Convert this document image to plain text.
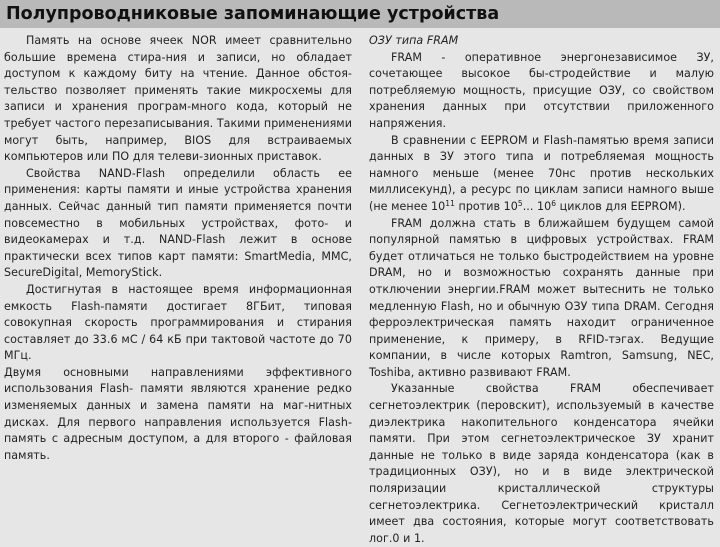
Полупроводниковые запоминающие устройства

Память на основе ячеек NOR имеет сравнительно большие времена стира-ния и записи, но обладает доступом к каждому биту на чтение. Данное обстоя-тельство позволяет применять такие микросхемы для записи и хранения програм-много кода, который не требует частого перезаписывания. Такими применениями могут быть, например, BIOS для встраиваемых компьютеров или ПО для телеви-зионных приставок.

Свойства NAND-Flash определили область ее применения: карты памяти и иные устройства хранения данных. Сейчас данный тип памяти применяется почти повсеместно в мобильных устройствах, фото- и видеокамерах и т.д. NAND-Flash лежит в основе практически всех типов карт памяти: SmartMedia, MMC, SecureDigital, MemoryStick.

Достигнутая в настоящее время информационная емкость Flash-памяти достигает 8ГБит, типовая совокупная скорость программирования и стирания составляет до 33.6 мС / 64 кБ при тактовой частоте до 70 МГц.

Двумя основными направлениями эффективного использования Flash- памяти являются хранение редко изменяемых данных и замена памяти на маг-нитных дисках. Для первого направления используется Flash-память с адресным доступом, а для второго - файловая память.

ОЗУ типа FRAM

FRAM - оперативное энергонезависимое ЗУ, сочетающее высокое бы-стродействие и малую потребляемую мощность, присущие ОЗУ, со свойством хранения данных при отсутствии приложенного напряжения.

В сравнении с EEPROM и Flash-памятью время записи данных в ЗУ этого типа и потребляемая мощность намного меньше (менее 70нс против нескольких миллисекунд), а ресурс по циклам записи намного выше (не менее $10^{11}$ против $10^5$... $10^6$ циклов для EEPROM).

FRAM должна стать в ближайшем будущем самой популярной памятью в цифровых устройствах. FRAM будет отличаться не только быстродействием на уровне DRAM, но и возможностью сохранять данные при отключении энергии.FRAM может вытеснить не только медленную Flash, но и обычную ОЗУ типа DRAM. Сегодня ферроэлектрическая память находит ограниченное применение, к примеру, в RFID-тэгах. Ведущие компании, в числе которых Ramtron, Samsung, NEC, Toshiba, активно развивают FRAM.

Указанные свойства FRAM обеспечивает сегнетоэлектрик (перовскит), используемый в качестве диэлектрика накопительного конденсатора ячейки памяти. При этом сегнетоэлектрическое ЗУ хранит данные не только в виде заряда конденсатора (как в традиционных ОЗУ), но и в виде электрической поляризации кристаллической структуры сегнетоэлектрика. Сегнетоэлектрический кристалл имеет два состояния, которые могут соответствовать лог.0 и 1.
